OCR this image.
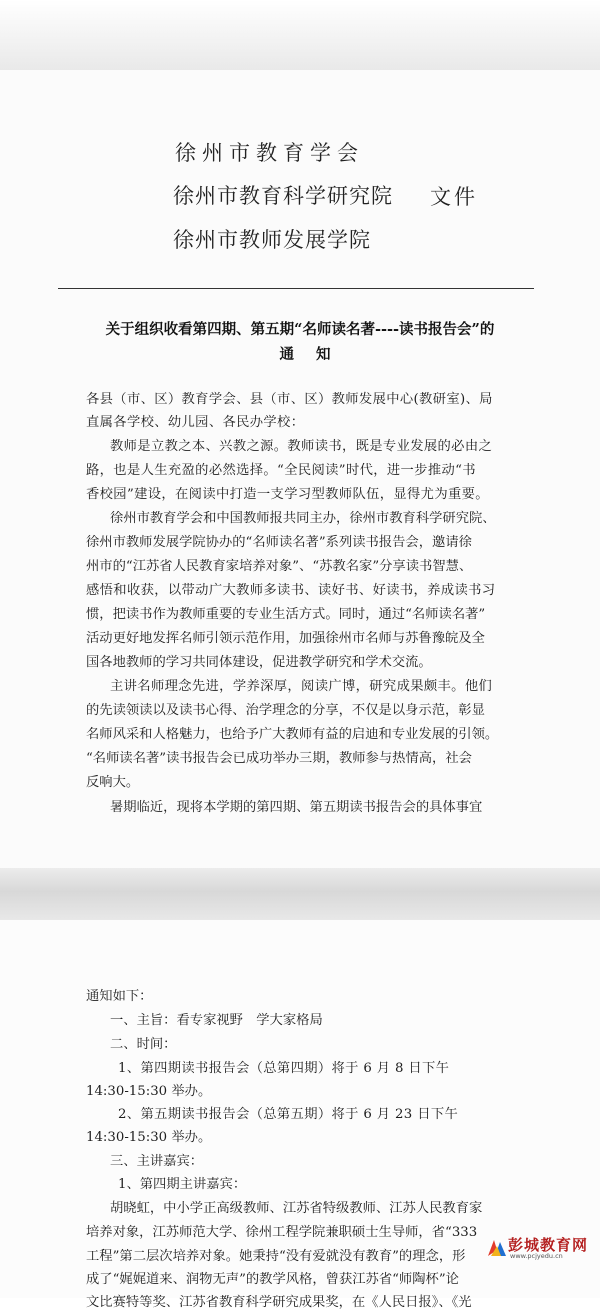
徐州市教育学会
徐州市教育科学研究院
徐州市教师发展学院
文件
关于组织收看第四期、第五期“名师读名著----读书报告会”的
通知
各县（市、区）教育学会、县（市、区）教师发展中心(教研室)、局
直属各学校、幼儿园、各民办学校：
教师是立教之本、兴教之源。教师读书，既是专业发展的必由之
路，也是人生充盈的必然选择。“全民阅读”时代，进一步推动“书
香校园”建设，在阅读中打造一支学习型教师队伍，显得尤为重要。
徐州市教育学会和中国教师报共同主办，徐州市教育科学研究院、
徐州市教师发展学院协办的“名师读名著”系列读书报告会，邀请徐
州市的“江苏省人民教育家培养对象”、“苏教名家”分享读书智慧、
感悟和收获，以带动广大教师多读书、读好书、好读书，养成读书习
惯，把读书作为教师重要的专业生活方式。同时，通过“名师读名著”
活动更好地发挥名师引领示范作用，加强徐州市名师与苏鲁豫皖及全
国各地教师的学习共同体建设，促进教学研究和学术交流。
主讲名师理念先进，学养深厚，阅读广博，研究成果颇丰。他们
的先读领读以及读书心得、治学理念的分享，不仅是以身示范，彰显
名师风采和人格魅力，也给予广大教师有益的启迪和专业发展的引领。
“名师读名著”读书报告会已成功举办三期，教师参与热情高，社会
反响大。
暑期临近，现将本学期的第四期、第五期读书报告会的具体事宜
通知如下：
一、主旨：看专家视野　学大家格局
二、时间：
1、第四期读书报告会（总第四期）将于 6 月 8 日下午
14:30-15:30 举办。
2、第五期读书报告会（总第五期）将于 6 月 23 日下午
14:30-15:30 举办。
三、主讲嘉宾：
1、第四期主讲嘉宾：
胡晓虹，中小学正高级教师、江苏省特级教师、江苏人民教育家
培养对象，江苏师范大学、徐州工程学院兼职硕士生导师，省“333
工程”第二层次培养对象。她秉持“没有爱就没有教育”的理念，形
成了“娓娓道来、润物无声”的教学风格，曾获江苏省“师陶杯”论
文比赛特等奖、江苏省教育科学研究成果奖，在《人民日报》、《光
彭城教育网
www.pcjyedu.cn
